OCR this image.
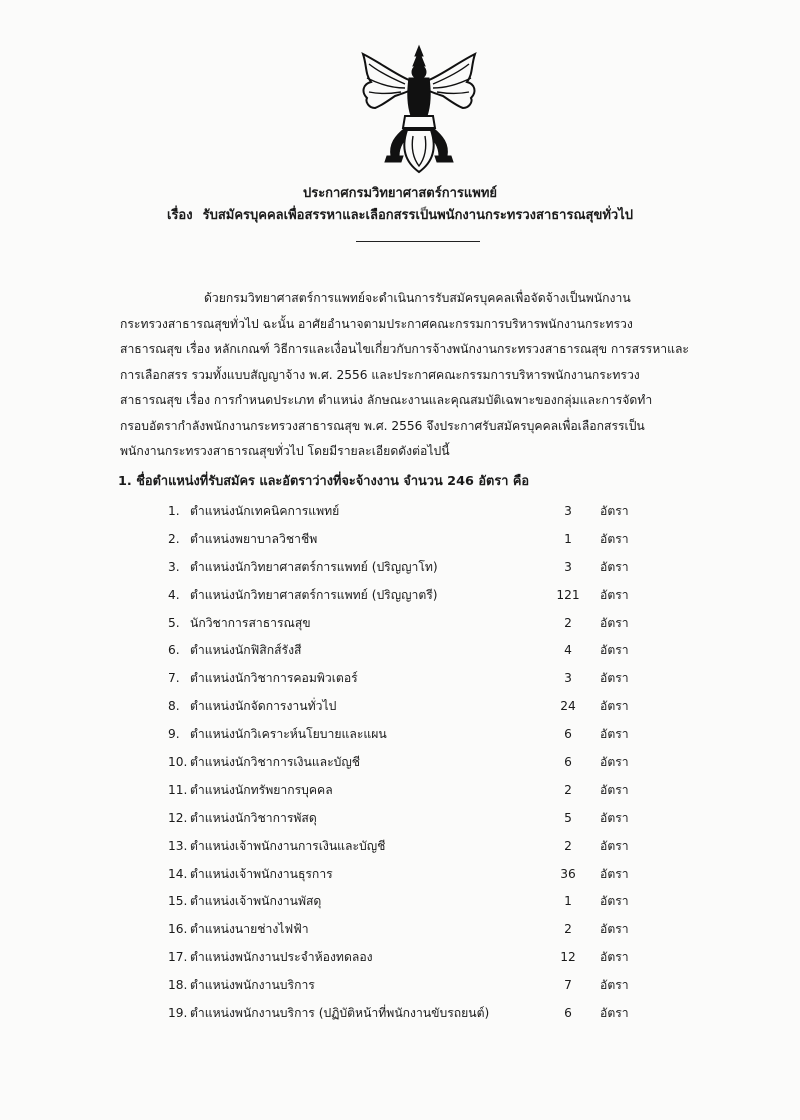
ประกาศกรมวิทยาศาสตร์การแพทย์
เรื่อง รับสมัครบุคคลเพื่อสรรหาและเลือกสรรเป็นพนักงานกระทรวงสาธารณสุขทั่วไป
ด้วยกรมวิทยาศาสตร์การแพทย์จะดำเนินการรับสมัครบุคคลเพื่อจัดจ้างเป็นพนักงาน
กระทรวงสาธารณสุขทั่วไป ฉะนั้น อาศัยอำนาจตามประกาศคณะกรรมการบริหารพนักงานกระทรวง
สาธารณสุข เรื่อง หลักเกณฑ์ วิธีการและเงื่อนไขเกี่ยวกับการจ้างพนักงานกระทรวงสาธารณสุข การสรรหาและ
การเลือกสรร รวมทั้งแบบสัญญาจ้าง พ.ศ. 2556 และประกาศคณะกรรมการบริหารพนักงานกระทรวง
สาธารณสุข เรื่อง การกำหนดประเภท ตำแหน่ง ลักษณะงานและคุณสมบัติเฉพาะของกลุ่มและการจัดทำ
กรอบอัตรากำลังพนักงานกระทรวงสาธารณสุข พ.ศ. 2556 จึงประกาศรับสมัครบุคคลเพื่อเลือกสรรเป็น
พนักงานกระทรวงสาธารณสุขทั่วไป โดยมีรายละเอียดดังต่อไปนี้
1. ชื่อตำแหน่งที่รับสมัคร และอัตราว่างที่จะจ้างงาน จำนวน 246 อัตรา คือ
1. ตำแหน่งนักเทคนิคการแพทย์	3	อัตรา
2. ตำแหน่งพยาบาลวิชาชีพ	1	อัตรา
3. ตำแหน่งนักวิทยาศาสตร์การแพทย์ (ปริญญาโท)	3	อัตรา
4. ตำแหน่งนักวิทยาศาสตร์การแพทย์ (ปริญญาตรี)	121	อัตรา
5. นักวิชาการสาธารณสุข	2	อัตรา
6. ตำแหน่งนักฟิสิกส์รังสี	4	อัตรา
7. ตำแหน่งนักวิชาการคอมพิวเตอร์	3	อัตรา
8. ตำแหน่งนักจัดการงานทั่วไป	24	อัตรา
9. ตำแหน่งนักวิเคราะห์นโยบายและแผน	6	อัตรา
10. ตำแหน่งนักวิชาการเงินและบัญชี	6	อัตรา
11. ตำแหน่งนักทรัพยากรบุคคล	2	อัตรา
12. ตำแหน่งนักวิชาการพัสดุ	5	อัตรา
13. ตำแหน่งเจ้าพนักงานการเงินและบัญชี	2	อัตรา
14. ตำแหน่งเจ้าพนักงานธุรการ	36	อัตรา
15. ตำแหน่งเจ้าพนักงานพัสดุ	1	อัตรา
16. ตำแหน่งนายช่างไฟฟ้า	2	อัตรา
17. ตำแหน่งพนักงานประจำห้องทดลอง	12	อัตรา
18. ตำแหน่งพนักงานบริการ	7	อัตรา
19. ตำแหน่งพนักงานบริการ (ปฏิบัติหน้าที่พนักงานขับรถยนต์)	6	อัตรา
